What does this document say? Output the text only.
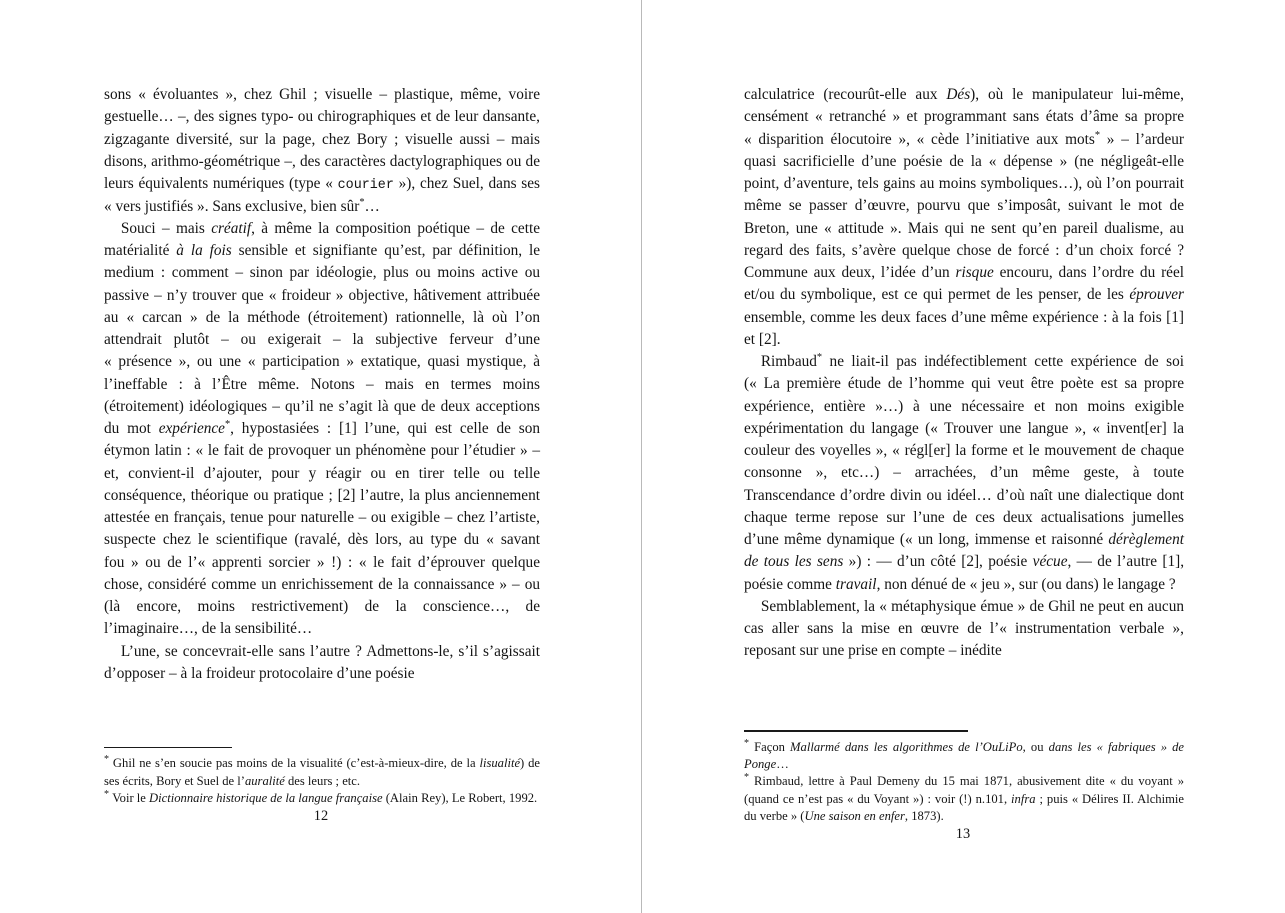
sons « évoluantes », chez Ghil ; visuelle – plastique, même, voire gestuelle… –, des signes typo- ou chirographiques et de leur dansante, zigzagante diversité, sur la page, chez Bory ; visuelle aussi – mais disons, arithmo-géométrique –, des caractères dactylographiques ou de leurs équivalents numériques (type « courier »), chez Suel, dans ses « vers justifiés ». Sans exclusive, bien sûr*…

Souci – mais créatif, à même la composition poétique – de cette matérialité à la fois sensible et signifiante qu’est, par définition, le medium : comment – sinon par idéologie, plus ou moins active ou passive – n’y trouver que « froideur » objective, hâtivement attribuée au « carcan » de la méthode (étroitement) rationnelle, là où l’on attendrait plutôt – ou exigerait – la subjective ferveur d’une « présence », ou une « participation » extatique, quasi mystique, à l’ineffable : à l’Être même. Notons – mais en termes moins (étroitement) idéologiques – qu’il ne s’agit là que de deux acceptions du mot expérience*, hypostasiées : [1] l’une, qui est celle de son étymon latin : « le fait de provoquer un phénomène pour l’étudier » – et, convient-il d’ajouter, pour y réagir ou en tirer telle ou telle conséquence, théorique ou pratique ; [2] l’autre, la plus anciennement attestée en français, tenue pour naturelle – ou exigible – chez l’artiste, suspecte chez le scientifique (ravalé, dès lors, au type du « savant fou » ou de l’« apprenti sorcier » !) : « le fait d’éprouver quelque chose, considéré comme un enrichissement de la connaissance » – ou (là encore, moins restrictivement) de la conscience…, de l’imaginaire…, de la sensibilité…

L’une, se concevrait-elle sans l’autre ? Admettons-le, s’il s’agissait d’opposer – à la froideur protocolaire d’une poésie

* Ghil ne s’en soucie pas moins de la visualité (c’est-à-mieux-dire, de la lisualité) de ses écrits, Bory et Suel de l’auralité des leurs ; etc.

* Voir le Dictionnaire historique de la langue française (Alain Rey), Le Robert, 1992.

12

calculatrice (recourût-elle aux Dés), où le manipulateur lui-même, censément « retranché » et programmant sans états d’âme sa propre « disparition élocutoire », « cède l’initiative aux mots* » – l’ardeur quasi sacrificielle d’une poésie de la « dépense » (ne négligeât-elle point, d’aventure, tels gains au moins symboliques…), où l’on pourrait même se passer d’œuvre, pourvu que s’imposât, suivant le mot de Breton, une « attitude ». Mais qui ne sent qu’en pareil dualisme, au regard des faits, s’avère quelque chose de forcé : d’un choix forcé ? Commune aux deux, l’idée d’un risque encouru, dans l’ordre du réel et/ou du symbolique, est ce qui permet de les penser, de les éprouver ensemble, comme les deux faces d’une même expérience : à la fois [1] et [2].

Rimbaud* ne liait-il pas indéfectiblement cette expérience de soi (« La première étude de l’homme qui veut être poète est sa propre expérience, entière »…) à une nécessaire et non moins exigible expérimentation du langage (« Trouver une langue », « invent[er] la couleur des voyelles », « régl[er] la forme et le mouvement de chaque consonne », etc…) – arrachées, d’un même geste, à toute Transcendance d’ordre divin ou idéel… d’où naît une dialectique dont chaque terme repose sur l’une de ces deux actualisations jumelles d’une même dynamique (« un long, immense et raisonné dérèglement de tous les sens ») : — d’un côté [2], poésie vécue, — de l’autre [1], poésie comme travail, non dénué de « jeu », sur (ou dans) le langage ?

Semblablement, la « métaphysique émue » de Ghil ne peut en aucun cas aller sans la mise en œuvre de l’« instrumentation verbale », reposant sur une prise en compte – inédite

* Façon Mallarmé dans les algorithmes de l’OuLiPo, ou dans les « fabriques » de Ponge…

* Rimbaud, lettre à Paul Demeny du 15 mai 1871, abusivement dite « du voyant » (quand ce n’est pas « du Voyant ») : voir (!) n.101, infra ; puis « Délires II. Alchimie du verbe » (Une saison en enfer, 1873).

13
